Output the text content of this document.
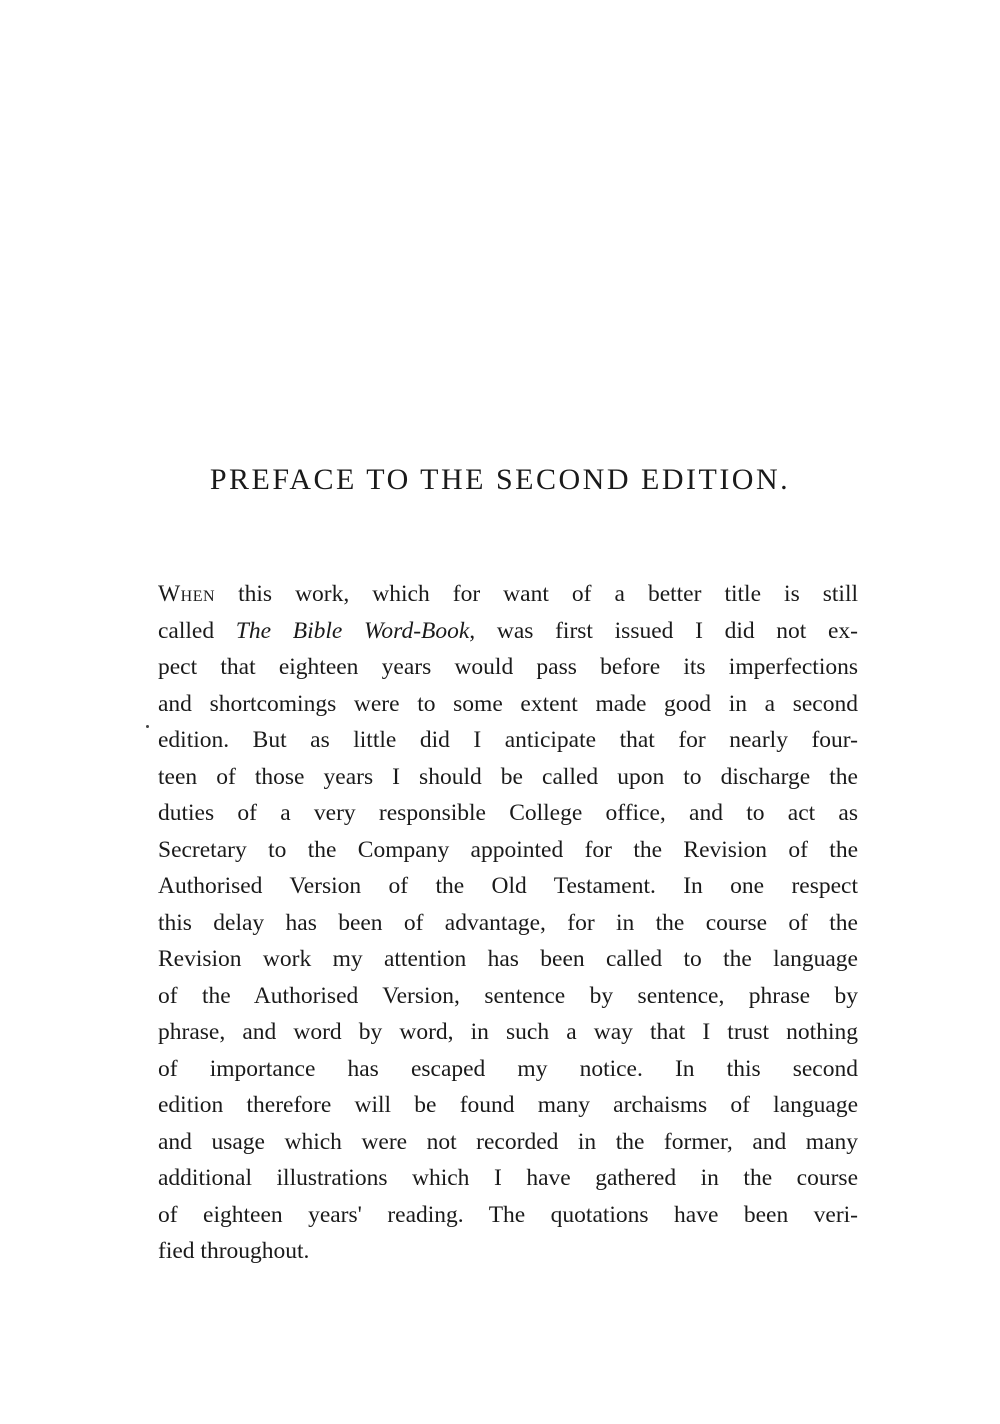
PREFACE TO THE SECOND EDITION.
When this work, which for want of a better title is still
called The Bible Word-Book, was first issued I did not ex-
pect that eighteen years would pass before its imperfections
and shortcomings were to some extent made good in a second
edition. But as little did I anticipate that for nearly four-
teen of those years I should be called upon to discharge the
duties of a very responsible College office, and to act as
Secretary to the Company appointed for the Revision of the
Authorised Version of the Old Testament. In one respect
this delay has been of advantage, for in the course of the
Revision work my attention has been called to the language
of the Authorised Version, sentence by sentence, phrase by
phrase, and word by word, in such a way that I trust nothing
of importance has escaped my notice. In this second
edition therefore will be found many archaisms of language
and usage which were not recorded in the former, and many
additional illustrations which I have gathered in the course
of eighteen years' reading. The quotations have been veri-
fied throughout.
